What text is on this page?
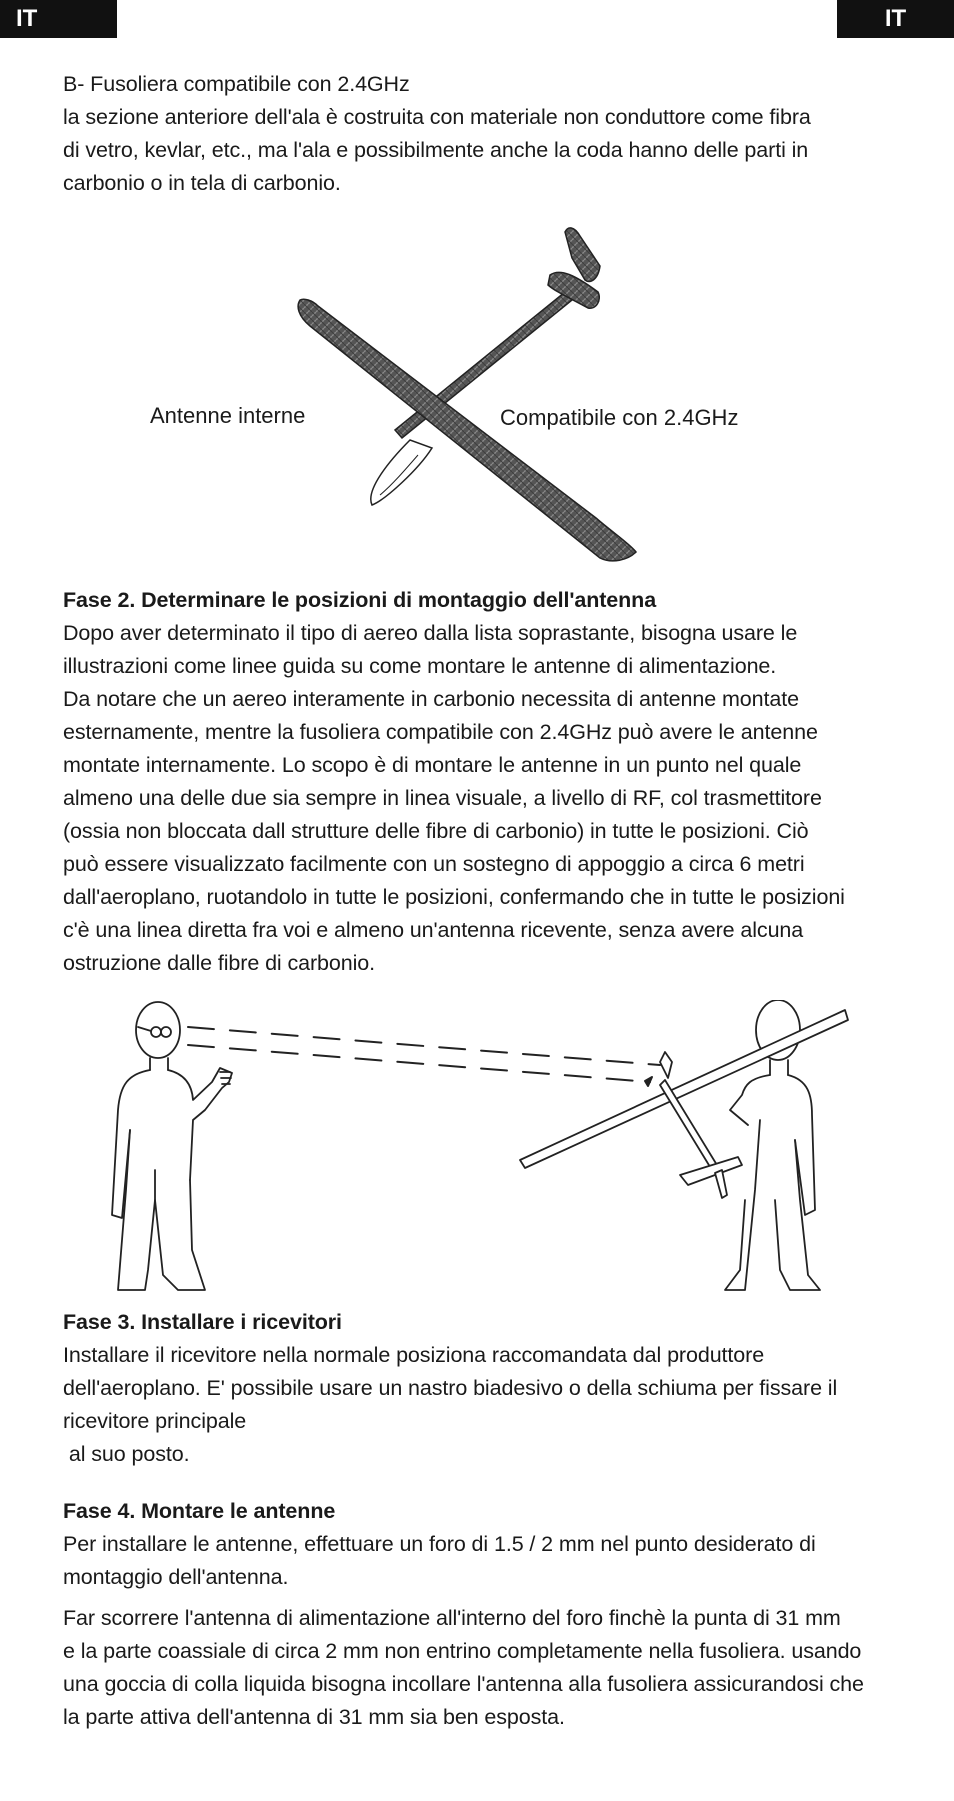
IT	IT

B- Fusoliera compatibile con 2.4GHz

la sezione anteriore dell'ala è costruita con materiale non conduttore come fibra

di vetro, kevlar, etc., ma l'ala e possibilmente anche la coda hanno delle parti in

carbonio o in tela di carbonio.

Antenne interne	Compatibile con 2.4GHz

Fase 2. Determinare le posizioni di montaggio dell'antenna

Dopo aver determinato il tipo di aereo dalla lista soprastante, bisogna usare le

illustrazioni come linee guida su come montare le antenne di alimentazione.

Da notare che un aereo interamente in carbonio necessita di antenne montate

esternamente, mentre la fusoliera compatibile con 2.4GHz può avere le antenne

montate internamente. Lo scopo è di montare le antenne in un punto nel quale

almeno una delle due sia sempre in linea visuale, a livello di RF, col trasmettitore

(ossia non bloccata dall strutture delle fibre di carbonio) in tutte le posizioni. Ciò

può essere visualizzato facilmente con un sostegno di appoggio a circa 6 metri

dall'aeroplano, ruotandolo in tutte le posizioni, confermando che in tutte le posizioni

c'è una linea diretta fra voi e almeno un'antenna ricevente, senza avere alcuna

ostruzione dalle fibre di carbonio.

Fase 3. Installare i ricevitori

Installare il ricevitore nella normale posiziona raccomandata dal produttore

dell'aeroplano. E' possibile usare un nastro biadesivo o della schiuma per fissare il

ricevitore principale

al suo posto.

Fase 4. Montare le antenne

Per installare le antenne, effettuare un foro di 1.5 / 2 mm nel punto desiderato di

montaggio dell'antenna.

Far scorrere l'antenna di alimentazione all'interno del foro finchè la punta di 31 mm

e la parte coassiale di circa 2 mm non entrino completamente nella fusoliera. usando

una goccia di colla liquida bisogna incollare l'antenna alla fusoliera assicurandosi che

la parte attiva dell'antenna di 31 mm sia ben esposta.
